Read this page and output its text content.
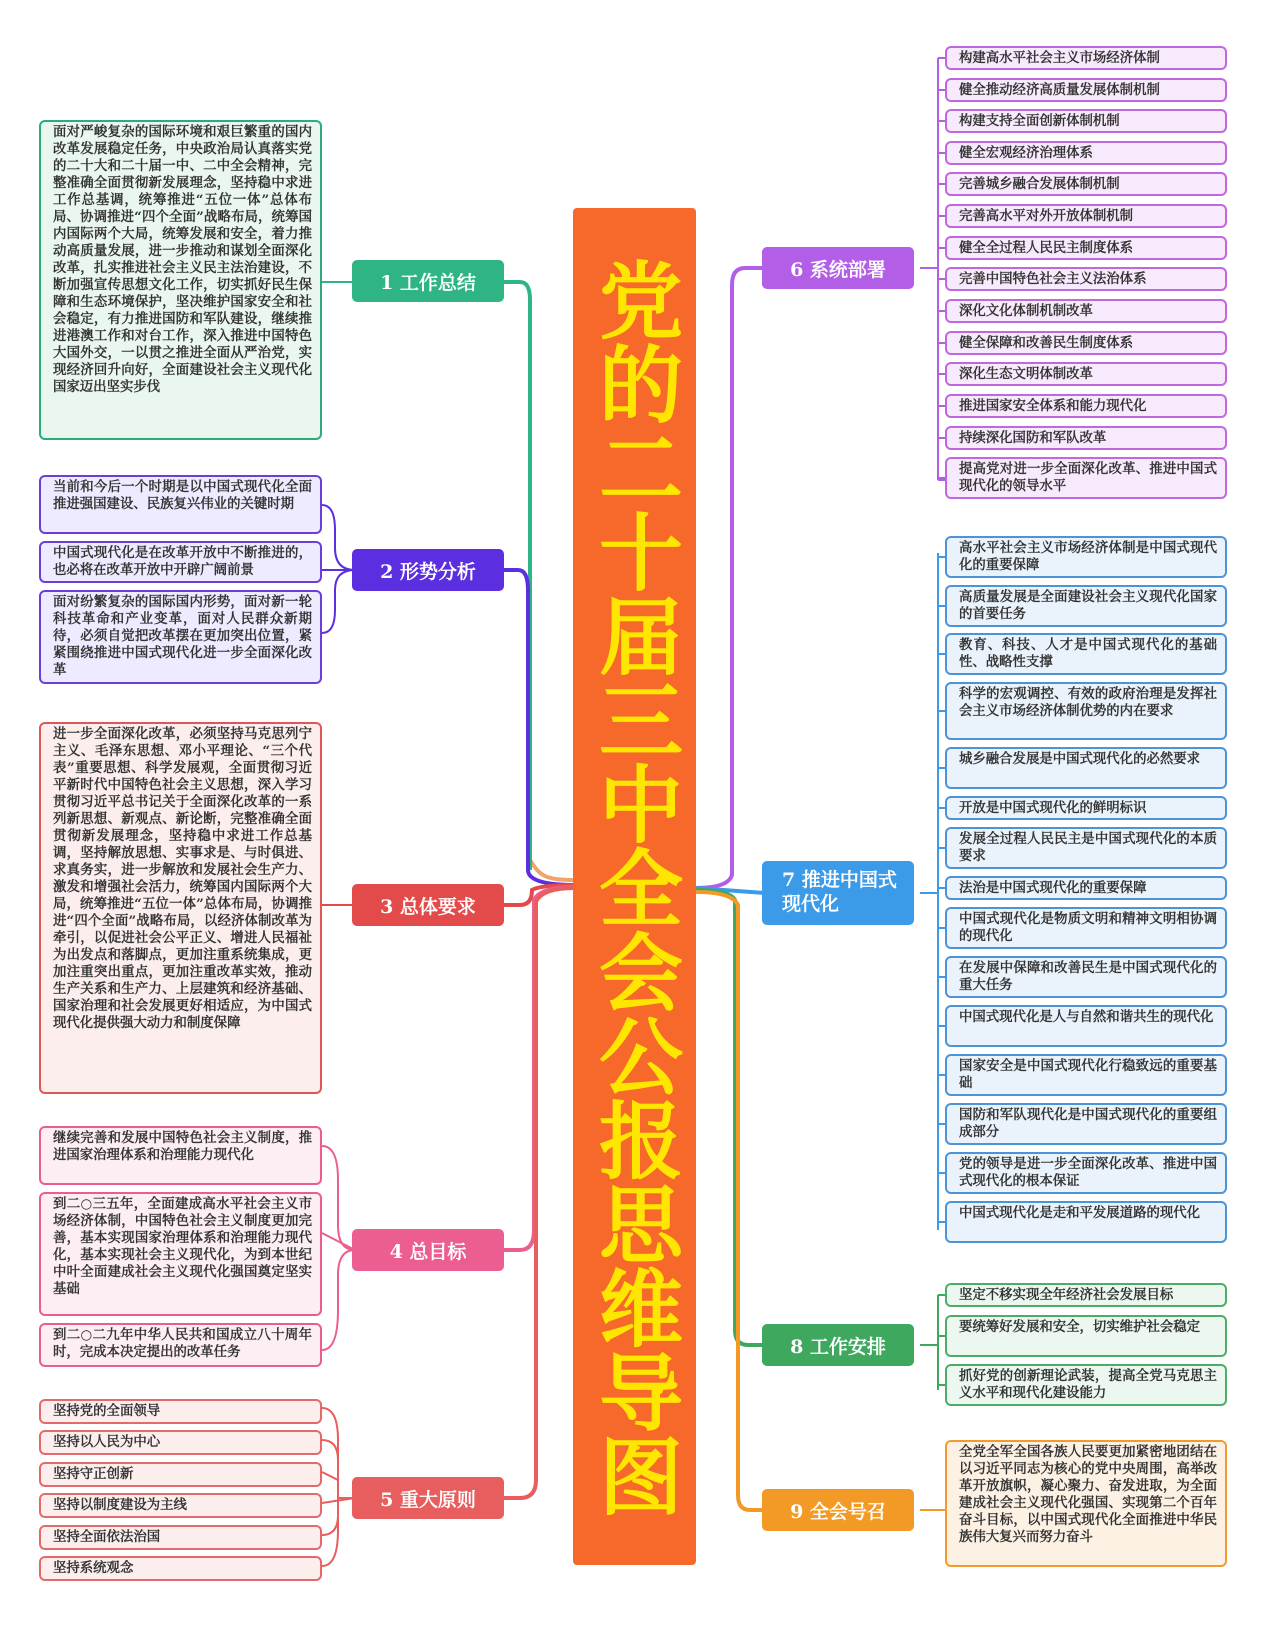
党的二十届三中全会公报思维导图
1 工作总结
2 形势分析
3 总体要求
4 总目标
5 重大原则
6 系统部署
7 推进中国式现代化
8 工作安排
9 全会号召
面对严峻复杂的国际环境和艰巨繁重的国内改革发展稳定任务，中央政治局认真落实党的二十大和二十届一中、二中全会精神，完整准确全面贯彻新发展理念，坚持稳中求进工作总基调，统筹推进“五位一体”总体布局、协调推进“四个全面”战略布局，统筹国内国际两个大局，统筹发展和安全，着力推动高质量发展，进一步推动和谋划全面深化改革，扎实推进社会主义民主法治建设，不断加强宣传思想文化工作，切实抓好民生保障和生态环境保护，坚决维护国家安全和社会稳定，有力推进国防和军队建设，继续推进港澳工作和对台工作，深入推进中国特色大国外交，一以贯之推进全面从严治党，实现经济回升向好，全面建设社会主义现代化国家迈出坚实步伐
当前和今后一个时期是以中国式现代化全面推进强国建设、民族复兴伟业的关键时期
中国式现代化是在改革开放中不断推进的，也必将在改革开放中开辟广阔前景
面对纷繁复杂的国际国内形势，面对新一轮科技革命和产业变革，面对人民群众新期待，必须自觉把改革摆在更加突出位置，紧紧围绕推进中国式现代化进一步全面深化改革
进一步全面深化改革，必须坚持马克思列宁主义、毛泽东思想、邓小平理论、“三个代表”重要思想、科学发展观，全面贯彻习近平新时代中国特色社会主义思想，深入学习贯彻习近平总书记关于全面深化改革的一系列新思想、新观点、新论断，完整准确全面贯彻新发展理念，坚持稳中求进工作总基调，坚持解放思想、实事求是、与时俱进、求真务实，进一步解放和发展社会生产力、激发和增强社会活力，统筹国内国际两个大局，统筹推进“五位一体”总体布局，协调推进“四个全面”战略布局，以经济体制改革为牵引，以促进社会公平正义、增进人民福祉为出发点和落脚点，更加注重系统集成，更加注重突出重点，更加注重改革实效，推动生产关系和生产力、上层建筑和经济基础、国家治理和社会发展更好相适应，为中国式现代化提供强大动力和制度保障
继续完善和发展中国特色社会主义制度，推进国家治理体系和治理能力现代化
到二○三五年，全面建成高水平社会主义市场经济体制，中国特色社会主义制度更加完善，基本实现国家治理体系和治理能力现代化，基本实现社会主义现代化，为到本世纪中叶全面建成社会主义现代化强国奠定坚实基础
到二○二九年中华人民共和国成立八十周年时，完成本决定提出的改革任务
坚持党的全面领导
坚持以人民为中心
坚持守正创新
坚持以制度建设为主线
坚持全面依法治国
坚持系统观念
构建高水平社会主义市场经济体制
健全推动经济高质量发展体制机制
构建支持全面创新体制机制
健全宏观经济治理体系
完善城乡融合发展体制机制
完善高水平对外开放体制机制
健全全过程人民民主制度体系
完善中国特色社会主义法治体系
深化文化体制机制改革
健全保障和改善民生制度体系
深化生态文明体制改革
推进国家安全体系和能力现代化
持续深化国防和军队改革
提高党对进一步全面深化改革、推进中国式现代化的领导水平
高水平社会主义市场经济体制是中国式现代化的重要保障
高质量发展是全面建设社会主义现代化国家的首要任务
教育、科技、人才是中国式现代化的基础性、战略性支撑
科学的宏观调控、有效的政府治理是发挥社会主义市场经济体制优势的内在要求
城乡融合发展是中国式现代化的必然要求
开放是中国式现代化的鲜明标识
发展全过程人民民主是中国式现代化的本质要求
法治是中国式现代化的重要保障
中国式现代化是物质文明和精神文明相协调的现代化
在发展中保障和改善民生是中国式现代化的重大任务
中国式现代化是人与自然和谐共生的现代化
国家安全是中国式现代化行稳致远的重要基础
国防和军队现代化是中国式现代化的重要组成部分
党的领导是进一步全面深化改革、推进中国式现代化的根本保证
中国式现代化是走和平发展道路的现代化
坚定不移实现全年经济社会发展目标
要统筹好发展和安全，切实维护社会稳定
抓好党的创新理论武装，提高全党马克思主义水平和现代化建设能力
全党全军全国各族人民要更加紧密地团结在以习近平同志为核心的党中央周围，高举改革开放旗帜，凝心聚力、奋发进取，为全面建成社会主义现代化强国、实现第二个百年奋斗目标，以中国式现代化全面推进中华民族伟大复兴而努力奋斗
